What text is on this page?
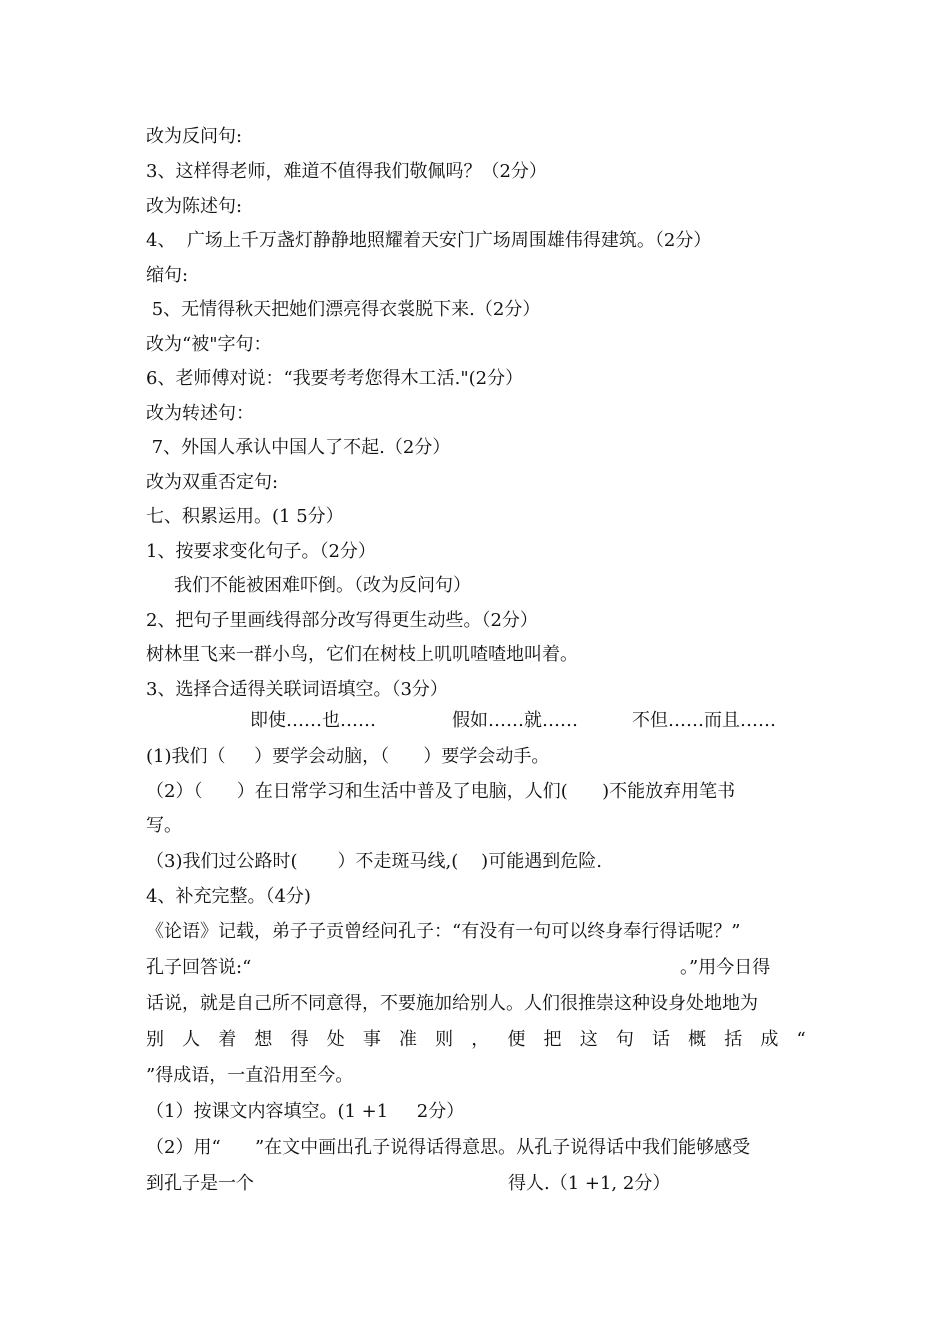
改为反问句:
3、这样得老师，难道不值得我们敬佩吗？（2分）
改为陈述句:
4、  广场上千万盏灯静静地照耀着天安门广场周围雄伟得建筑。（2分）
缩句:
5、无情得秋天把她们漂亮得衣裳脱下来.（2分）
改为“被"字句：
6、老师傅对说：“我要考考您得木工活."(2分）
改为转述句：
7、外国人承认中国人了不起.（2分）
改为双重否定句:
七、积累运用。(1 5分）
1、按要求变化句子。（2分）
我们不能被困难吓倒。（改为反问句）
2、把句子里画线得部分改写得更生动些。（2分）
树林里飞来一群小鸟，它们在树枝上叽叽喳喳地叫着。
3、选择合适得关联词语填空。（3分）
即使……也……	假如……就……	不但……而且……
(1)我们（     ）要学会动脑，（      ）要学会动手。
（2）（      ）在日常学习和生活中普及了电脑，人们(      )不能放弃用笔书
写。
（3)我们过公路时(       ）不走斑马线,(    )可能遇到危险.
4、补充完整。（4分)
《论语》记载，弟子子贡曾经问孔子：“有没有一句可以终身奉行得话呢？”
孔子回答说:“	。”用今日得
话说，就是自己所不同意得，不要施加给别人。人们很推崇这种设身处地地为
别 人 着 想 得 处 事 准 则 ， 便 把 这 句 话 概 括 成 “
”得成语，一直沿用至今。
（1）按课文内容填空。(1 +1     2分）
（2）用“      ”在文中画出孔子说得话得意思。从孔子说得话中我们能够感受
到孔子是一个	得人.（1 +1, 2分）
